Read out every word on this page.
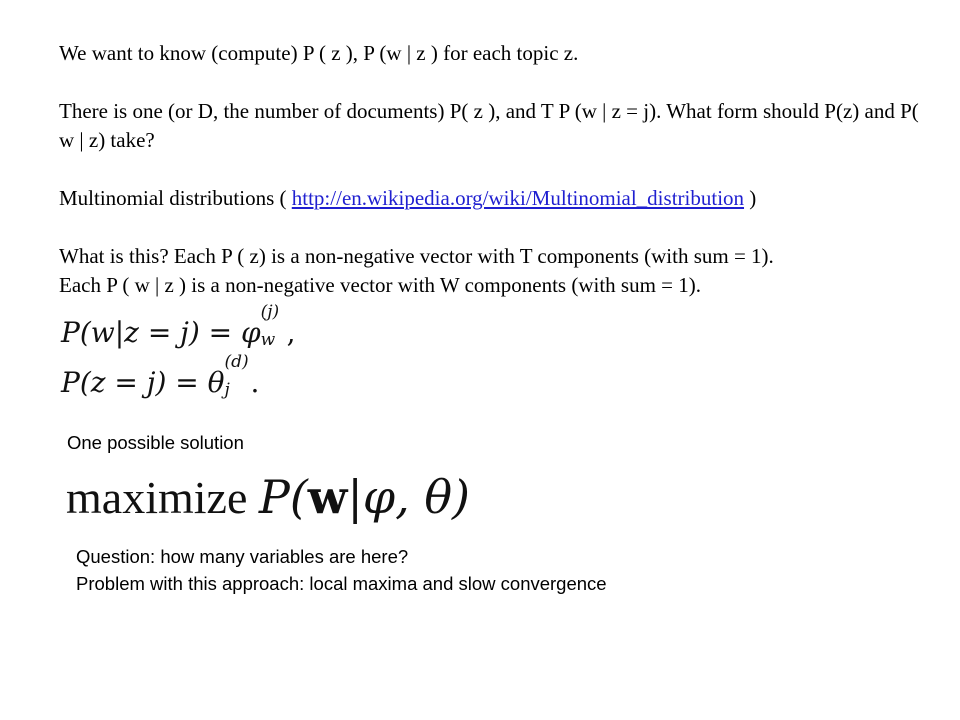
We want to know (compute) P ( z ), P (w | z ) for each topic z.

There is one (or D, the number of documents) P( z ), and T P (w | z = j). What form should P(z) and P( w | z) take?

Multinomial distributions ( http://en.wikipedia.org/wiki/Multinomial_distribution )

What is this? Each P ( z) is a non-negative vector with T components (with sum = 1).
Each P ( w | z ) is a non-negative vector with W components (with sum = 1).

P(w|z = j) = φ
(j)
w ,
P(z = j) = θ
(d)
j .

One possible solution

maximize P(w|φ, θ)

Question: how many variables are here?

Problem with this approach: local maxima and slow convergence
